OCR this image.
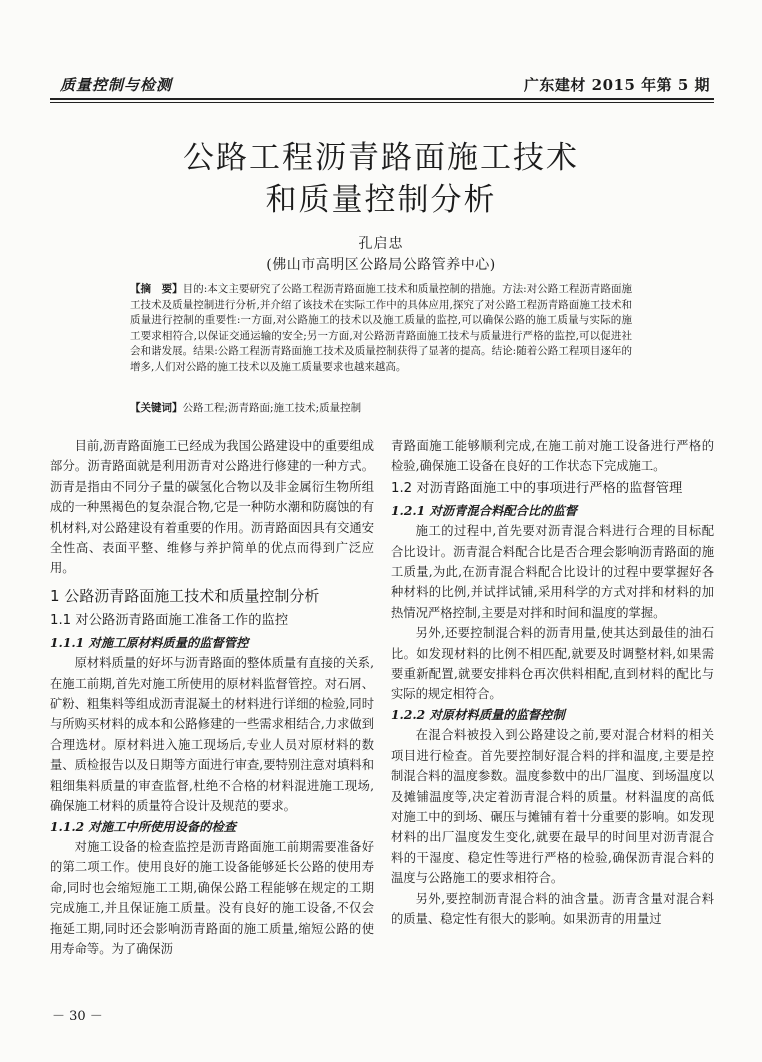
质量控制与检测	广东建材 2015 年第 5 期
公路工程沥青路面施工技术
和质量控制分析
孔启忠
(佛山市高明区公路局公路管养中心)
【摘　要】目的:本文主要研究了公路工程沥青路面施工技术和质量控制的措施。方法:对公路工程沥青路面施工技术及质量控制进行分析,并介绍了该技术在实际工作中的具体应用,探究了对公路工程沥青路面施工技术和质量进行控制的重要性:一方面,对公路施工的技术以及施工质量的监控,可以确保公路的施工质量与实际的施工要求相符合,以保证交通运输的安全;另一方面,对公路沥青路面施工技术与质量进行严格的监控,可以促进社会和谐发展。结果:公路工程沥青路面施工技术及质量控制获得了显著的提高。结论:随着公路工程项目逐年的增多,人们对公路的施工技术以及施工质量要求也越来越高。
【关键词】公路工程;沥青路面;施工技术;质量控制

目前,沥青路面施工已经成为我国公路建设中的重要组成部分。沥青路面就是利用沥青对公路进行修建的一种方式。沥青是指由不同分子量的碳氢化合物以及非金属衍生物所组成的一种黑褐色的复杂混合物,它是一种防水潮和防腐蚀的有机材料,对公路建设有着重要的作用。沥青路面因具有交通安全性高、表面平整、维修与养护简单的优点而得到广泛应用。

1 公路沥青路面施工技术和质量控制分析
1.1 对公路沥青路面施工准备工作的监控
1.1.1 对施工原材料质量的监督管控

原材料质量的好坏与沥青路面的整体质量有直接的关系,在施工前期,首先对施工所使用的原材料监督管控。对石屑、矿粉、粗集料等组成沥青混凝土的材料进行详细的检验,同时与所购买材料的成本和公路修建的一些需求相结合,力求做到合理选材。原材料进入施工现场后,专业人员对原材料的数量、质检报告以及日期等方面进行审查,要特别注意对填料和粗细集料质量的审查监督,杜绝不合格的材料混进施工现场,确保施工材料的质量符合设计及规范的要求。

1.1.2 对施工中所使用设备的检查

对施工设备的检查监控是沥青路面施工前期需要准备好的第二项工作。使用良好的施工设备能够延长公路的使用寿命,同时也会缩短施工工期,确保公路工程能够在规定的工期完成施工,并且保证施工质量。没有良好的施工设备,不仅会拖延工期,同时还会影响沥青路面的施工质量,缩短公路的使用寿命等。为了确保沥

青路面施工能够顺利完成,在施工前对施工设备进行严格的检验,确保施工设备在良好的工作状态下完成施工。

1.2 对沥青路面施工中的事项进行严格的监督管理
1.2.1 对沥青混合料配合比的监督

施工的过程中,首先要对沥青混合料进行合理的目标配合比设计。沥青混合料配合比是否合理会影响沥青路面的施工质量,为此,在沥青混合料配合比设计的过程中要掌握好各种材料的比例,并试拌试铺,采用科学的方式对拌和材料的加热情况严格控制,主要是对拌和时间和温度的掌握。

另外,还要控制混合料的沥青用量,使其达到最佳的油石比。如发现材料的比例不相匹配,就要及时调整材料,如果需要重新配置,就要安排料仓再次供料相配,直到材料的配比与实际的规定相符合。

1.2.2 对原材料质量的监督控制

在混合料被投入到公路建设之前,要对混合材料的相关项目进行检查。首先要控制好混合料的拌和温度,主要是控制混合料的温度参数。温度参数中的出厂温度、到场温度以及摊铺温度等,决定着沥青混合料的质量。材料温度的高低对施工中的到场、碾压与摊铺有着十分重要的影响。如发现材料的出厂温度发生变化,就要在最早的时间里对沥青混合料的干湿度、稳定性等进行严格的检验,确保沥青混合料的温度与公路施工的要求相符合。

另外,要控制沥青混合料的油含量。沥青含量对混合料的质量、稳定性有很大的影响。如果沥青的用量过

－ 30 －
